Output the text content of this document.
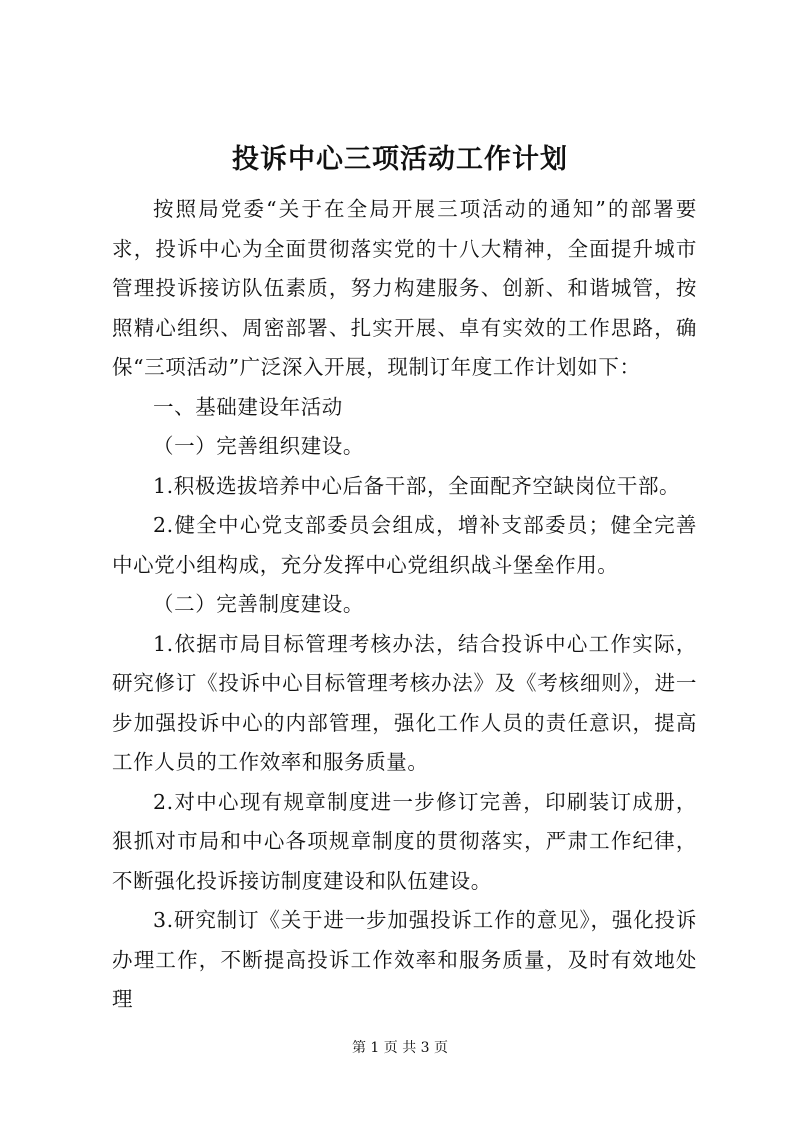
投诉中心三项活动工作计划

按照局党委“关于在全局开展三项活动的通知”的部署要求，投诉中心为全面贯彻落实党的十八大精神，全面提升城市管理投诉接访队伍素质，努力构建服务、创新、和谐城管，按照精心组织、周密部署、扎实开展、卓有实效的工作思路，确保“三项活动”广泛深入开展，现制订年度工作计划如下：

一、基础建设年活动

（一）完善组织建设。

1.积极选拔培养中心后备干部，全面配齐空缺岗位干部。

2.健全中心党支部委员会组成，增补支部委员；健全完善中心党小组构成，充分发挥中心党组织战斗堡垒作用。

（二）完善制度建设。

1.依据市局目标管理考核办法，结合投诉中心工作实际，研究修订《投诉中心目标管理考核办法》及《考核细则》，进一步加强投诉中心的内部管理，强化工作人员的责任意识，提高工作人员的工作效率和服务质量。

2.对中心现有规章制度进一步修订完善，印刷装订成册，狠抓对市局和中心各项规章制度的贯彻落实，严肃工作纪律，不断强化投诉接访制度建设和队伍建设。

3.研究制订《关于进一步加强投诉工作的意见》，强化投诉办理工作，不断提高投诉工作效率和服务质量，及时有效地处理

第 1 页 共 3 页
